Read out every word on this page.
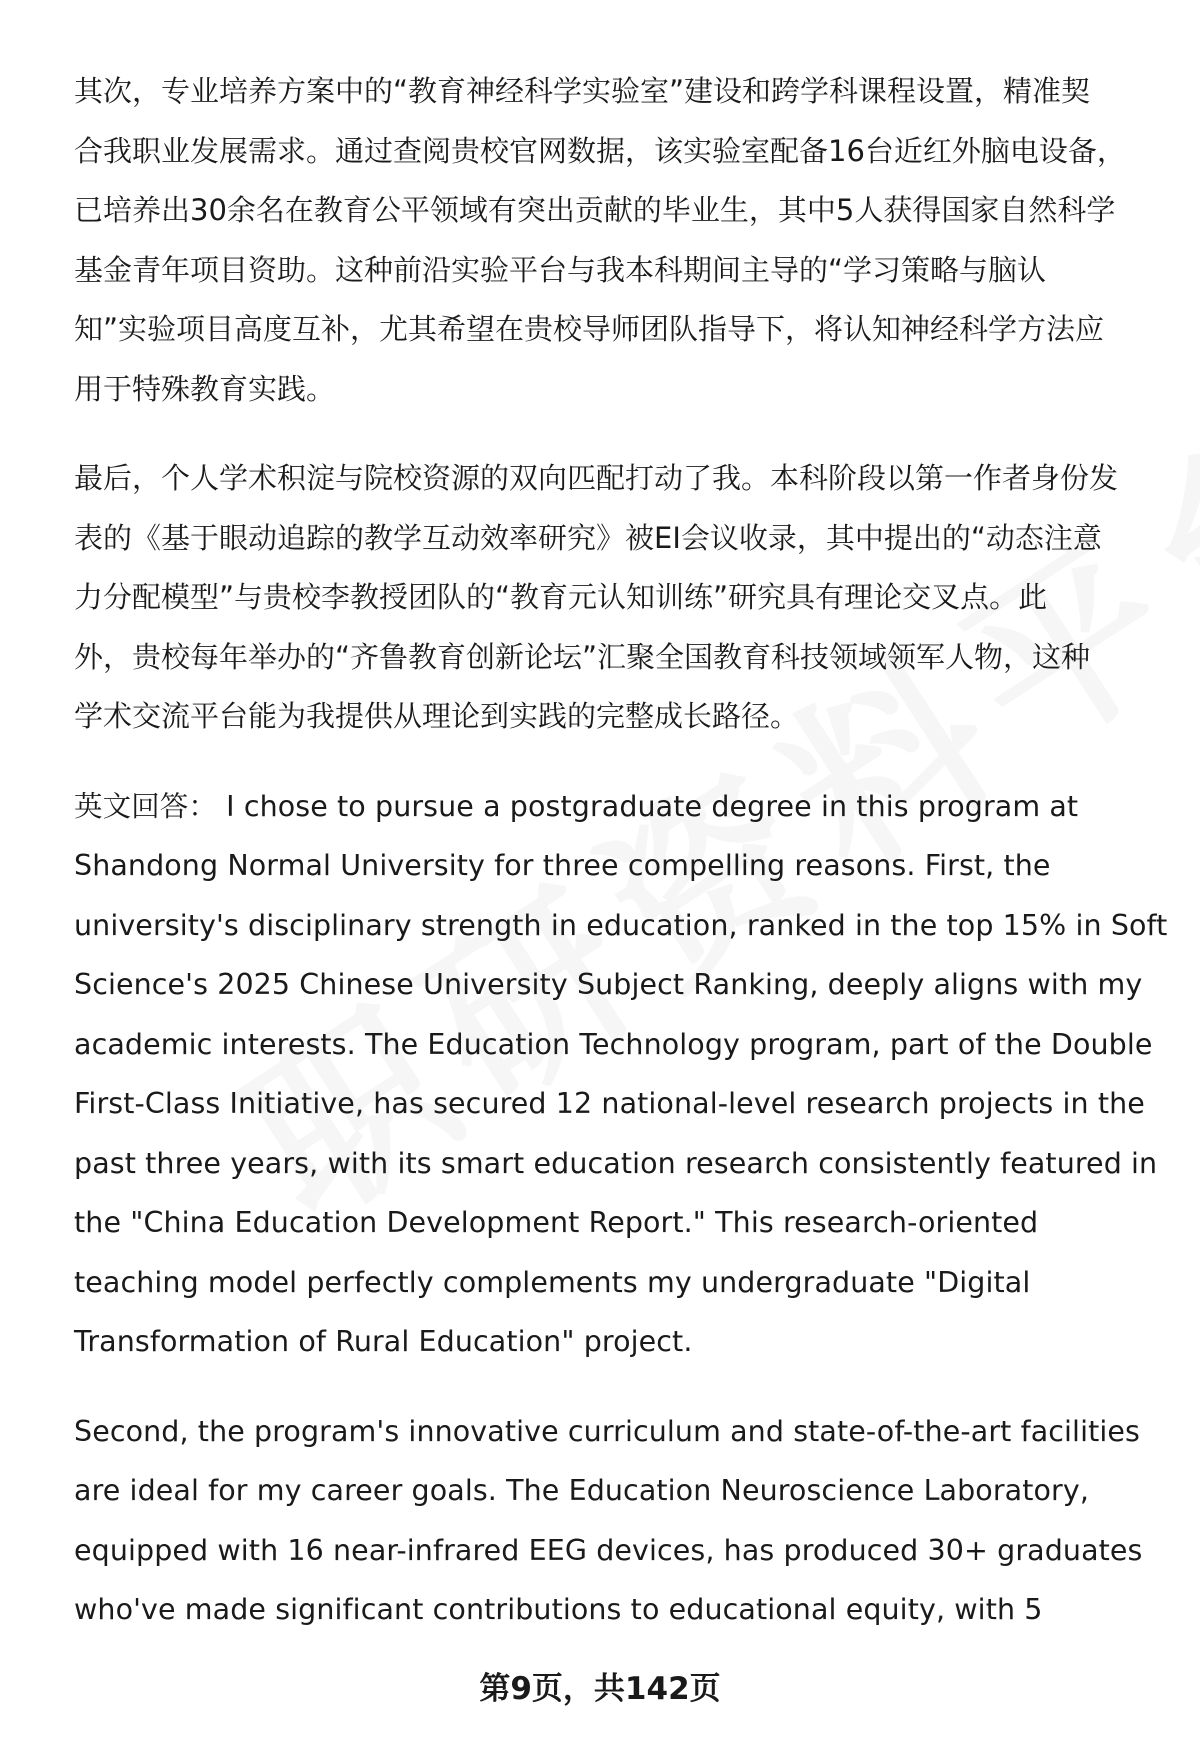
其次，专业培养方案中的“教育神经科学实验室”建设和跨学科课程设置，精准契
合我职业发展需求。通过查阅贵校官网数据，该实验室配备16台近红外脑电设备，
已培养出30余名在教育公平领域有突出贡献的毕业生，其中5人获得国家自然科学
基金青年项目资助。这种前沿实验平台与我本科期间主导的“学习策略与脑认
知”实验项目高度互补，尤其希望在贵校导师团队指导下，将认知神经科学方法应
用于特殊教育实践。
最后，个人学术积淀与院校资源的双向匹配打动了我。本科阶段以第一作者身份发
表的《基于眼动追踪的教学互动效率研究》被EI会议收录，其中提出的“动态注意
力分配模型”与贵校李教授团队的“教育元认知训练”研究具有理论交叉点。此
外，贵校每年举办的“齐鲁教育创新论坛”汇聚全国教育科技领域领军人物，这种
学术交流平台能为我提供从理论到实践的完整成长路径。
英文回答： I chose to pursue a postgraduate degree in this program at
Shandong Normal University for three compelling reasons. First, the
university's disciplinary strength in education, ranked in the top 15% in Soft
Science's 2025 Chinese University Subject Ranking, deeply aligns with my
academic interests. The Education Technology program, part of the Double
First-Class Initiative, has secured 12 national-level research projects in the
past three years, with its smart education research consistently featured in
the "China Education Development Report." This research-oriented
teaching model perfectly complements my undergraduate "Digital
Transformation of Rural Education" project.
Second, the program's innovative curriculum and state-of-the-art facilities
are ideal for my career goals. The Education Neuroscience Laboratory,
equipped with 16 near-infrared EEG devices, has produced 30+ graduates
who've made significant contributions to educational equity, with 5
第9页，共142页
